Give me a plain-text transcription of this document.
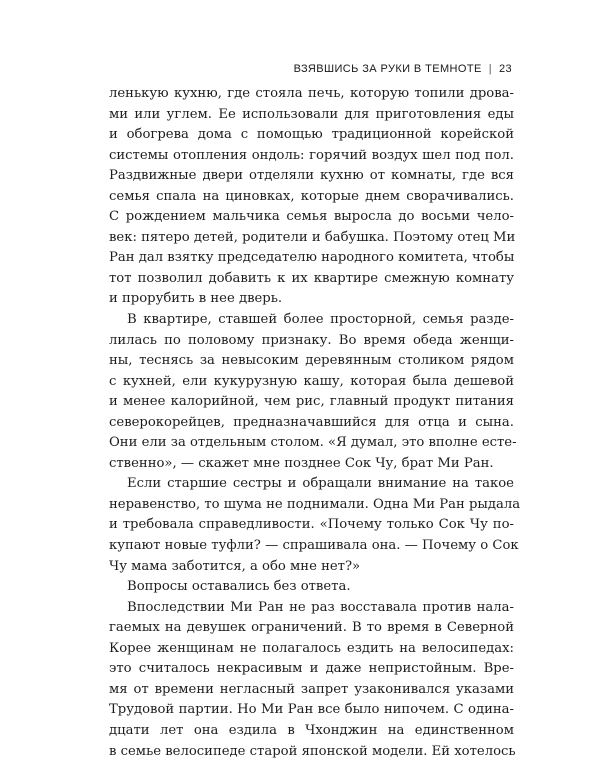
ВЗЯВШИСЬ ЗА РУКИ В ТЕМНОТЕ | 23
ленькую кухню, где стояла печь, которую топили дрова-
ми или углем. Ее использовали для приготовления еды
и обогрева дома с помощью традиционной корейской
системы отопления ондоль: горячий воздух шел под пол.
Раздвижные двери отделяли кухню от комнаты, где вся
семья спала на циновках, которые днем сворачивались.
С рождением мальчика семья выросла до восьми чело-
век: пятеро детей, родители и бабушка. Поэтому отец Ми
Ран дал взятку председателю народного комитета, чтобы
тот позволил добавить к их квартире смежную комнату
и прорубить в нее дверь.
В квартире, ставшей более просторной, семья разде-
лилась по половому признаку. Во время обеда женщи-
ны, теснясь за невысоким деревянным столиком рядом
с кухней, ели кукурузную кашу, которая была дешевой
и менее калорийной, чем рис, главный продукт питания
северокорейцев, предназначавшийся для отца и сына.
Они ели за отдельным столом. «Я думал, это вполне есте-
ственно», — скажет мне позднее Сок Чу, брат Ми Ран.
Если старшие сестры и обращали внимание на такое
неравенство, то шума не поднимали. Одна Ми Ран рыдала
и требовала справедливости. «Почему только Сок Чу по-
купают новые туфли? — спрашивала она. — Почему о Сок
Чу мама заботится, а обо мне нет?»
Вопросы оставались без ответа.
Впоследствии Ми Ран не раз восставала против нала-
гаемых на девушек ограничений. В то время в Северной
Корее женщинам не полагалось ездить на велосипедах:
это считалось некрасивым и даже непристойным. Вре-
мя от времени негласный запрет узаконивался указами
Трудовой партии. Но Ми Ран все было нипочем. С одина-
дцати лет она ездила в Чхонджин на единственном
в семье велосипеде старой японской модели. Ей хотелось
